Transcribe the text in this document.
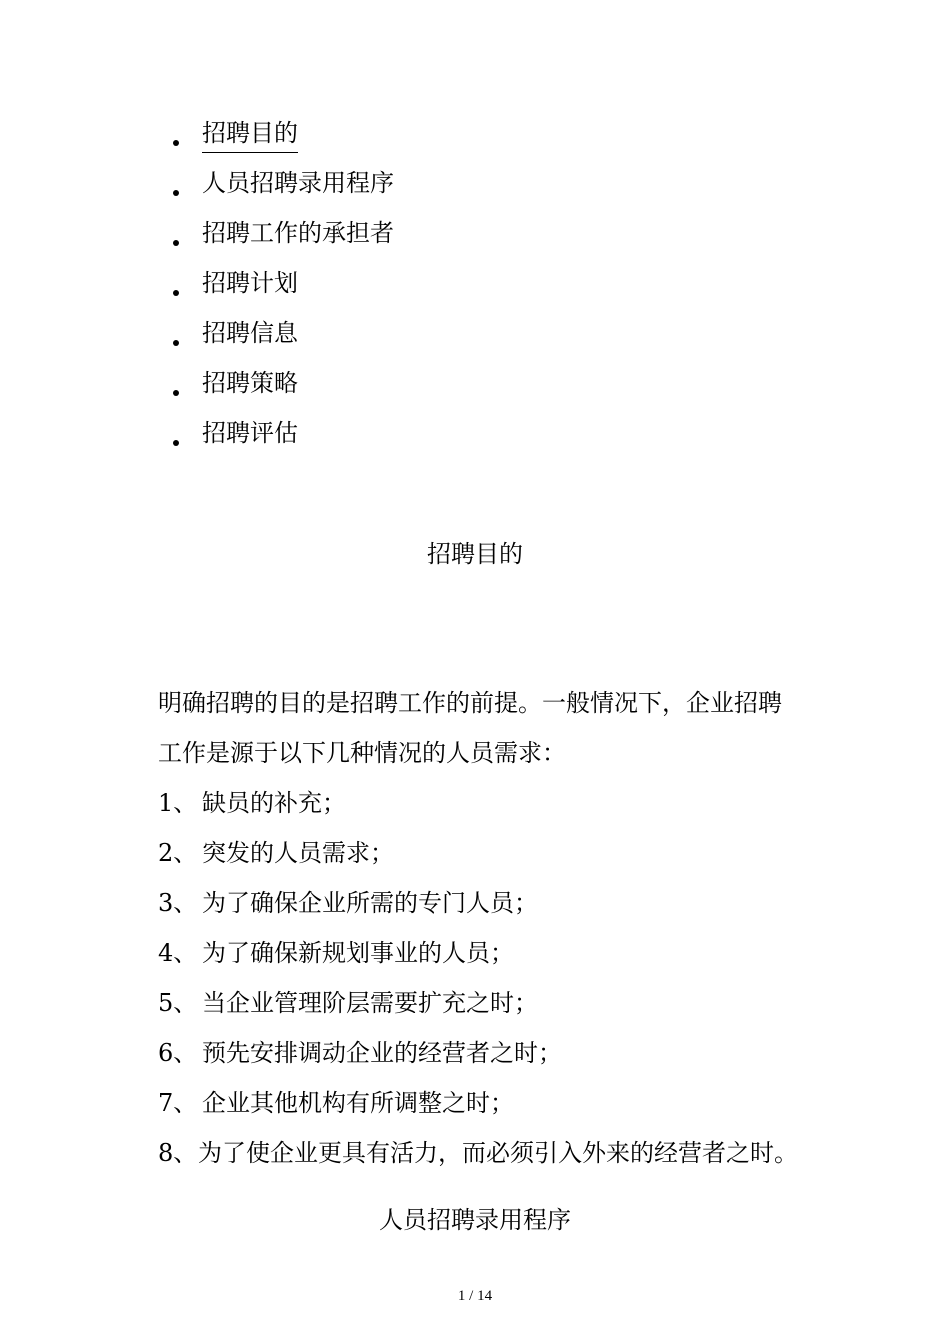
招聘目的
人员招聘录用程序
招聘工作的承担者
招聘计划
招聘信息
招聘策略
招聘评估
招聘目的
明确招聘的目的是招聘工作的前提。一般情况下，企业招聘
工作是源于以下几种情况的人员需求：
1、 缺员的补充；
2、 突发的人员需求；
3、 为了确保企业所需的专门人员；
4、 为了确保新规划事业的人员；
5、 当企业管理阶层需要扩充之时；
6、 预先安排调动企业的经营者之时；
7、 企业其他机构有所调整之时；
8、为了使企业更具有活力，而必须引入外来的经营者之时。
人员招聘录用程序
1 / 14
